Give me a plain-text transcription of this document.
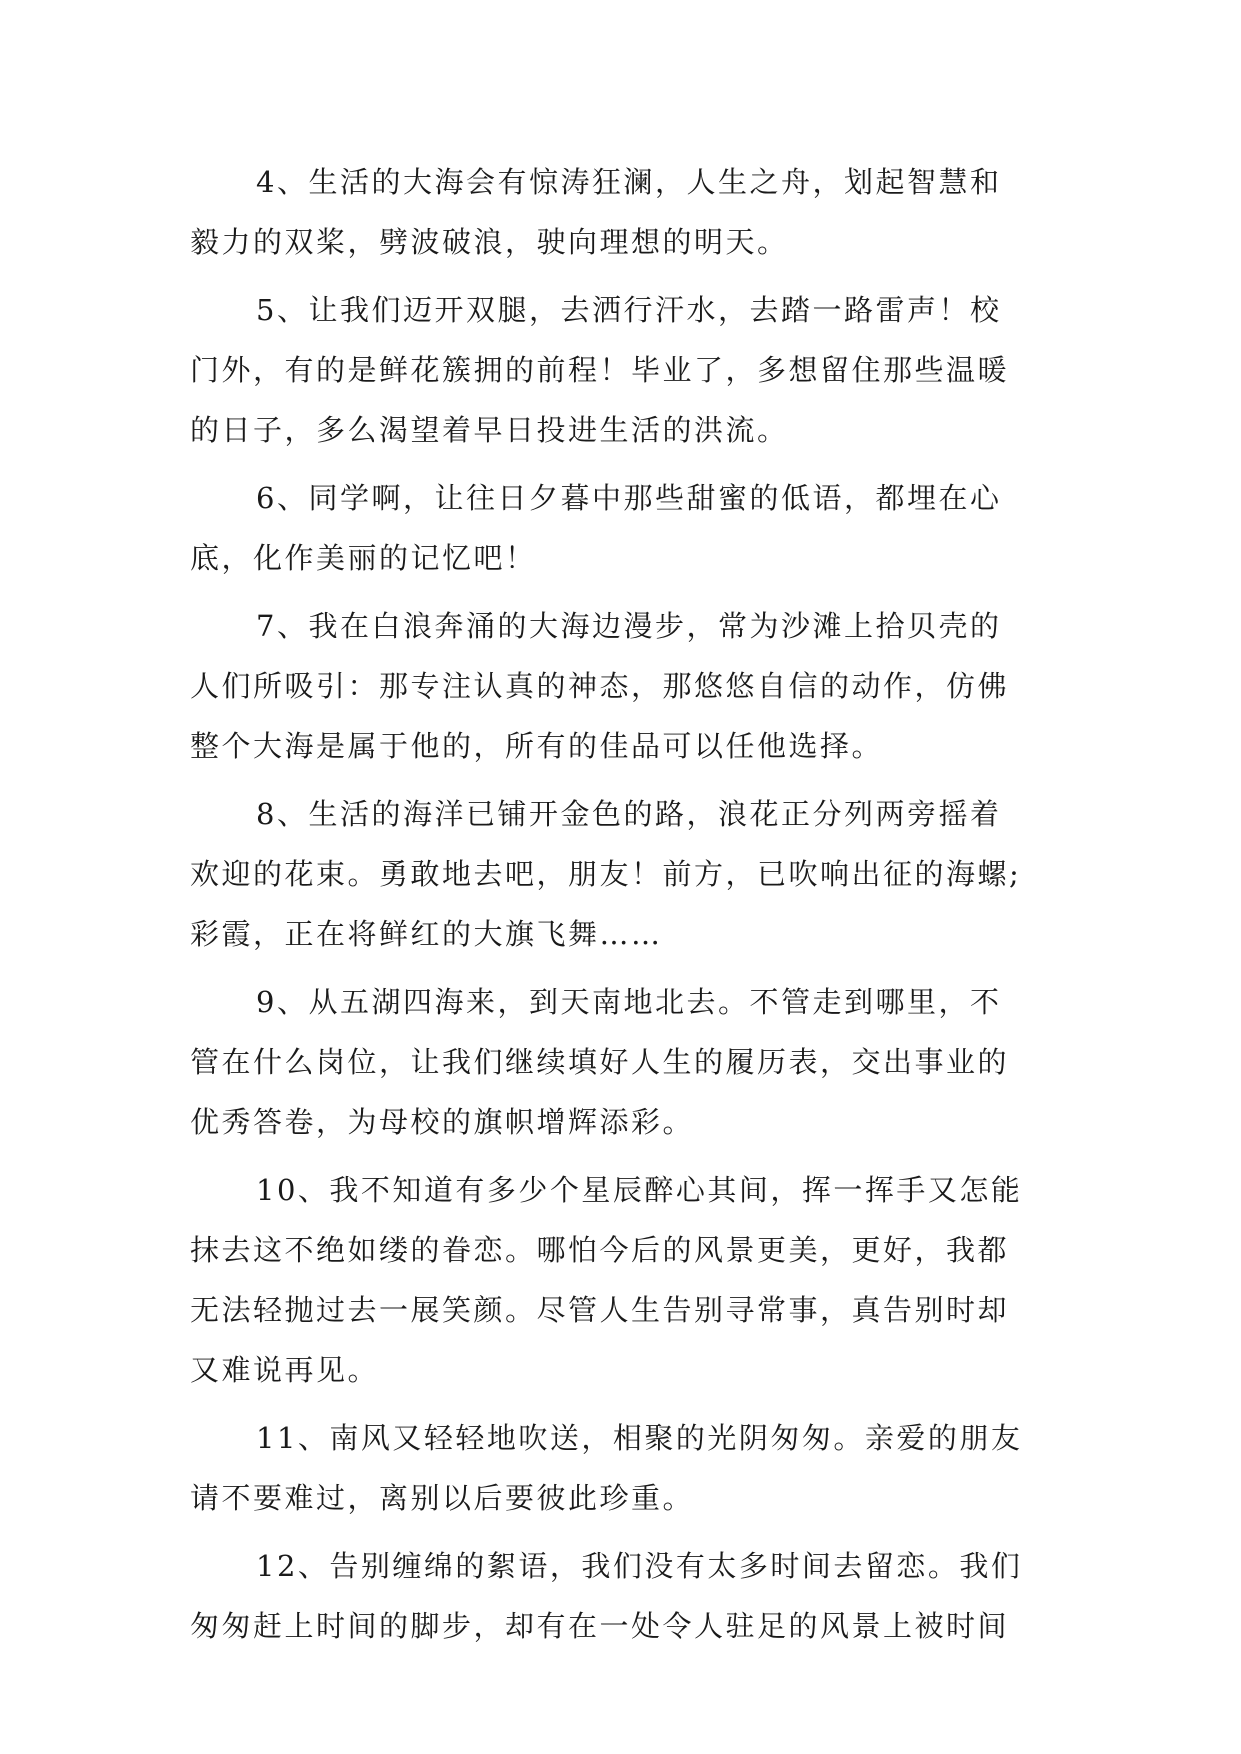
4、生活的大海会有惊涛狂澜，人生之舟，划起智慧和
毅力的双桨，劈波破浪，驶向理想的明天。
5、让我们迈开双腿，去洒行汗水，去踏一路雷声！校
门外，有的是鲜花簇拥的前程！毕业了，多想留住那些温暖
的日子，多么渴望着早日投进生活的洪流。
6、同学啊，让往日夕暮中那些甜蜜的低语，都埋在心
底，化作美丽的记忆吧！
7、我在白浪奔涌的大海边漫步，常为沙滩上拾贝壳的
人们所吸引：那专注认真的神态，那悠悠自信的动作，仿佛
整个大海是属于他的，所有的佳品可以任他选择。
8、生活的海洋已铺开金色的路，浪花正分列两旁摇着
欢迎的花束。勇敢地去吧，朋友！前方，已吹响出征的海螺;
彩霞，正在将鲜红的大旗飞舞……
9、从五湖四海来，到天南地北去。不管走到哪里，不
管在什么岗位，让我们继续填好人生的履历表，交出事业的
优秀答卷，为母校的旗帜增辉添彩。
10、我不知道有多少个星辰醉心其间，挥一挥手又怎能
抹去这不绝如缕的眷恋。哪怕今后的风景更美，更好，我都
无法轻抛过去一展笑颜。尽管人生告别寻常事，真告别时却
又难说再见。
11、南风又轻轻地吹送，相聚的光阴匆匆。亲爱的朋友
请不要难过，离别以后要彼此珍重。
12、告别缠绵的絮语，我们没有太多时间去留恋。我们
匆匆赶上时间的脚步，却有在一处令人驻足的风景上被时间
